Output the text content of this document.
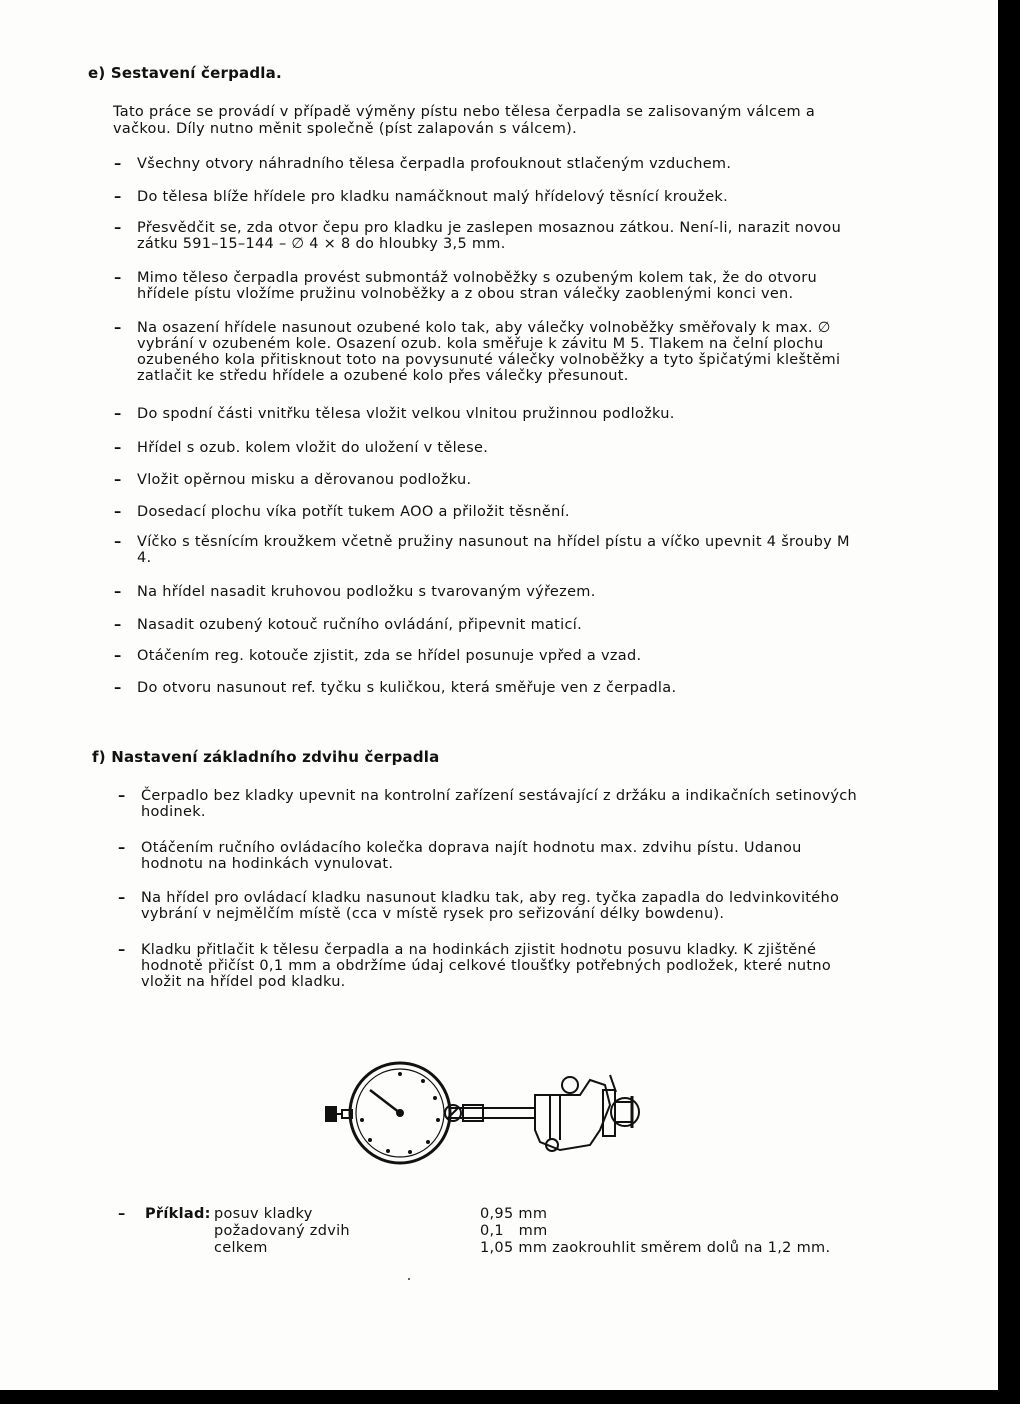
e) Sestavení čerpadla.
Tato práce se provádí v případě výměny pístu nebo tělesa čerpadla se zalisovaným válcem a vačkou. Díly nutno měnit společně (píst zalapován s válcem).
– Všechny otvory náhradního tělesa čerpadla profouknout stlačeným vzduchem.
– Do tělesa blíže hřídele pro kladku namáčknout malý hřídelový těsnící kroužek.
– Přesvědčit se, zda otvor čepu pro kladku je zaslepen mosaznou zátkou. Není-li, narazit novou zátku 591–15–144 – ∅ 4 × 8 do hloubky 3,5 mm.
– Mimo těleso čerpadla provést submontáž volnoběžky s ozubeným kolem tak, že do otvoru hřídele pístu vložíme pružinu volnoběžky a z obou stran válečky zaoblenými konci ven.
– Na osazení hřídele nasunout ozubené kolo tak, aby válečky volnoběžky směřovaly k max. ∅ vybrání v ozubeném kole. Osazení ozub. kola směřuje k závitu M 5. Tlakem na čelní plochu ozubeného kola přitisknout toto na povysunuté válečky volnoběžky a tyto špičatými kleštěmi zatlačit ke středu hřídele a ozubené kolo přes válečky přesunout.
– Do spodní části vnitřku tělesa vložit velkou vlnitou pružinnou podložku.
– Hřídel s ozub. kolem vložit do uložení v tělese.
– Vložit opěrnou misku a děrovanou podložku.
– Dosedací plochu víka potřít tukem AOO a přiložit těsnění.
– Víčko s těsnícím kroužkem včetně pružiny nasunout na hřídel pístu a víčko upevnit 4 šrouby M 4.
– Na hřídel nasadit kruhovou podložku s tvarovaným výřezem.
– Nasadit ozubený kotouč ručního ovládání, připevnit maticí.
– Otáčením reg. kotouče zjistit, zda se hřídel posunuje vpřed a vzad.
– Do otvoru nasunout ref. tyčku s kuličkou, která směřuje ven z čerpadla.
f) Nastavení základního zdvihu čerpadla
– Čerpadlo bez kladky upevnit na kontrolní zařízení sestávající z držáku a indikačních setinových hodinek.
– Otáčením ručního ovládacího kolečka doprava najít hodnotu max. zdvihu pístu. Udanou hodnotu na hodinkách vynulovat.
– Na hřídel pro ovládací kladku nasunout kladku tak, aby reg. tyčka zapadla do ledvinkovitého vybrání v nejmělčím místě (cca v místě rysek pro seřizování délky bowdenu).
– Kladku přitlačit k tělesu čerpadla a na hodinkách zjistit hodnotu posuvu kladky. K zjištěné hodnotě přičíst 0,1 mm a obdržíme údaj celkové tloušťky potřebných podložek, které nutno vložit na hřídel pod kladku.
– Příklad: posuv kladky
požadovaný zdvih
celkem
0,95 mm
0,1   mm
1,05 mm zaokrouhlit směrem dolů na 1,2 mm.
